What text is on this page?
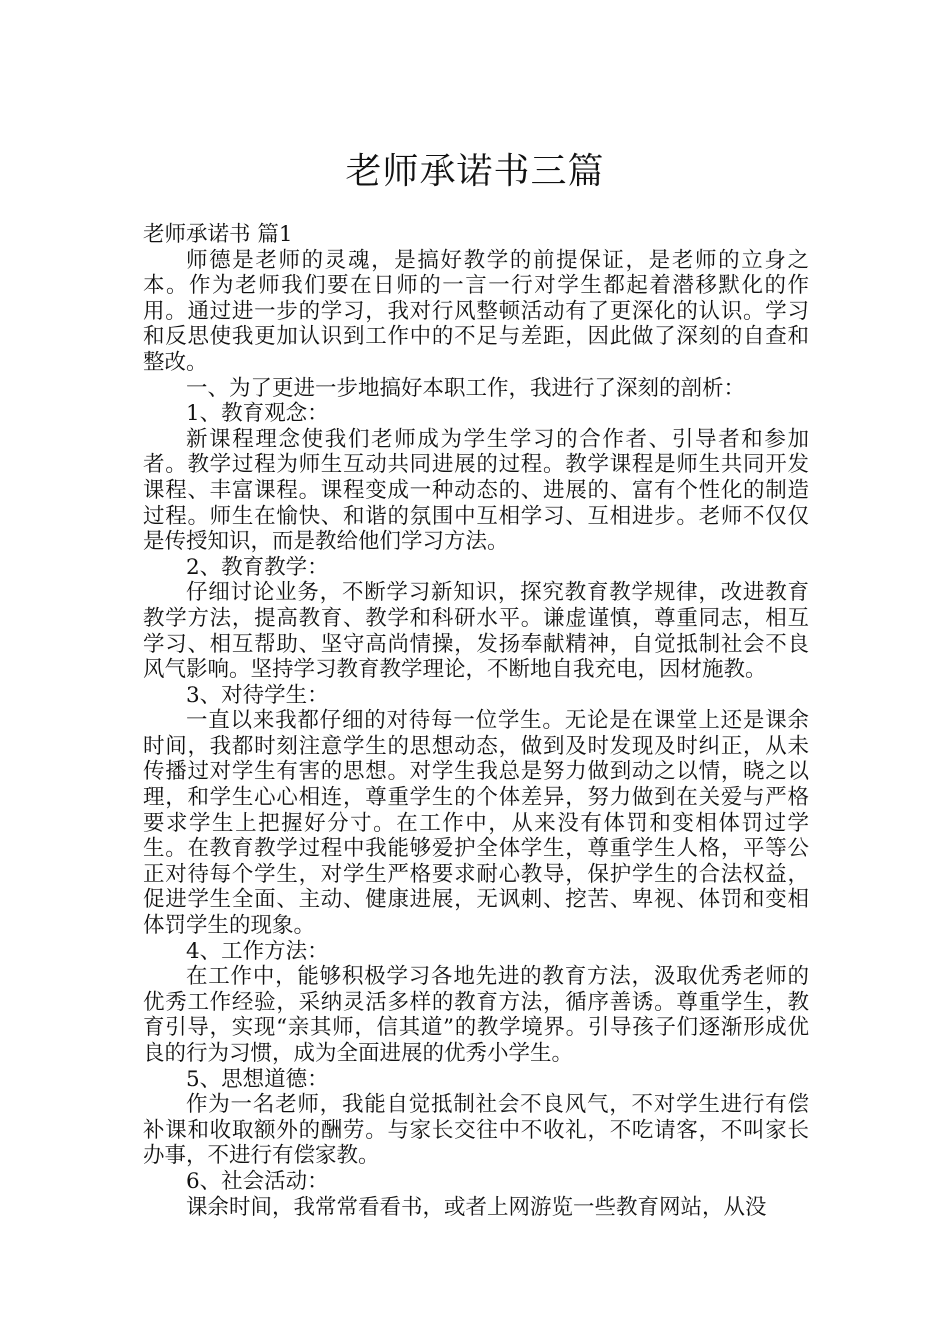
老师承诺书三篇

老师承诺书 篇1

师德是老师的灵魂，是搞好教学的前提保证，是老师的立身之本。作为老师我们要在日师的一言一行对学生都起着潜移默化的作用。通过进一步的学习，我对行风整顿活动有了更深化的认识。学习和反思使我更加认识到工作中的不足与差距，因此做了深刻的自查和整改。

一、为了更进一步地搞好本职工作，我进行了深刻的剖析：

1、教育观念：

新课程理念使我们老师成为学生学习的合作者、引导者和参加者。教学过程为师生互动共同进展的过程。教学课程是师生共同开发课程、丰富课程。课程变成一种动态的、进展的、富有个性化的制造过程。师生在愉快、和谐的氛围中互相学习、互相进步。老师不仅仅是传授知识，而是教给他们学习方法。

2、教育教学：

仔细讨论业务，不断学习新知识，探究教育教学规律，改进教育教学方法，提高教育、教学和科研水平。谦虚谨慎，尊重同志，相互学习、相互帮助、坚守高尚情操，发扬奉献精神，自觉抵制社会不良风气影响。坚持学习教育教学理论，不断地自我充电，因材施教。

3、对待学生：

一直以来我都仔细的对待每一位学生。无论是在课堂上还是课余时间，我都时刻注意学生的思想动态，做到及时发现及时纠正，从未传播过对学生有害的思想。对学生我总是努力做到动之以情，晓之以理，和学生心心相连，尊重学生的个体差异，努力做到在关爱与严格要求学生上把握好分寸。在工作中，从来没有体罚和变相体罚过学生。在教育教学过程中我能够爱护全体学生，尊重学生人格，平等公正对待每个学生，对学生严格要求耐心教导，保护学生的合法权益，促进学生全面、主动、健康进展，无讽刺、挖苦、卑视、体罚和变相体罚学生的现象。

4、工作方法：

在工作中，能够积极学习各地先进的教育方法，汲取优秀老师的优秀工作经验，采纳灵活多样的教育方法，循序善诱。尊重学生，教育引导，实现“亲其师，信其道”的教学境界。引导孩子们逐渐形成优良的行为习惯，成为全面进展的优秀小学生。

5、思想道德：

作为一名老师，我能自觉抵制社会不良风气，不对学生进行有偿补课和收取额外的酬劳。与家长交往中不收礼，不吃请客，不叫家长办事，不进行有偿家教。

6、社会活动：

课余时间，我常常看看书，或者上网游览一些教育网站，从没
